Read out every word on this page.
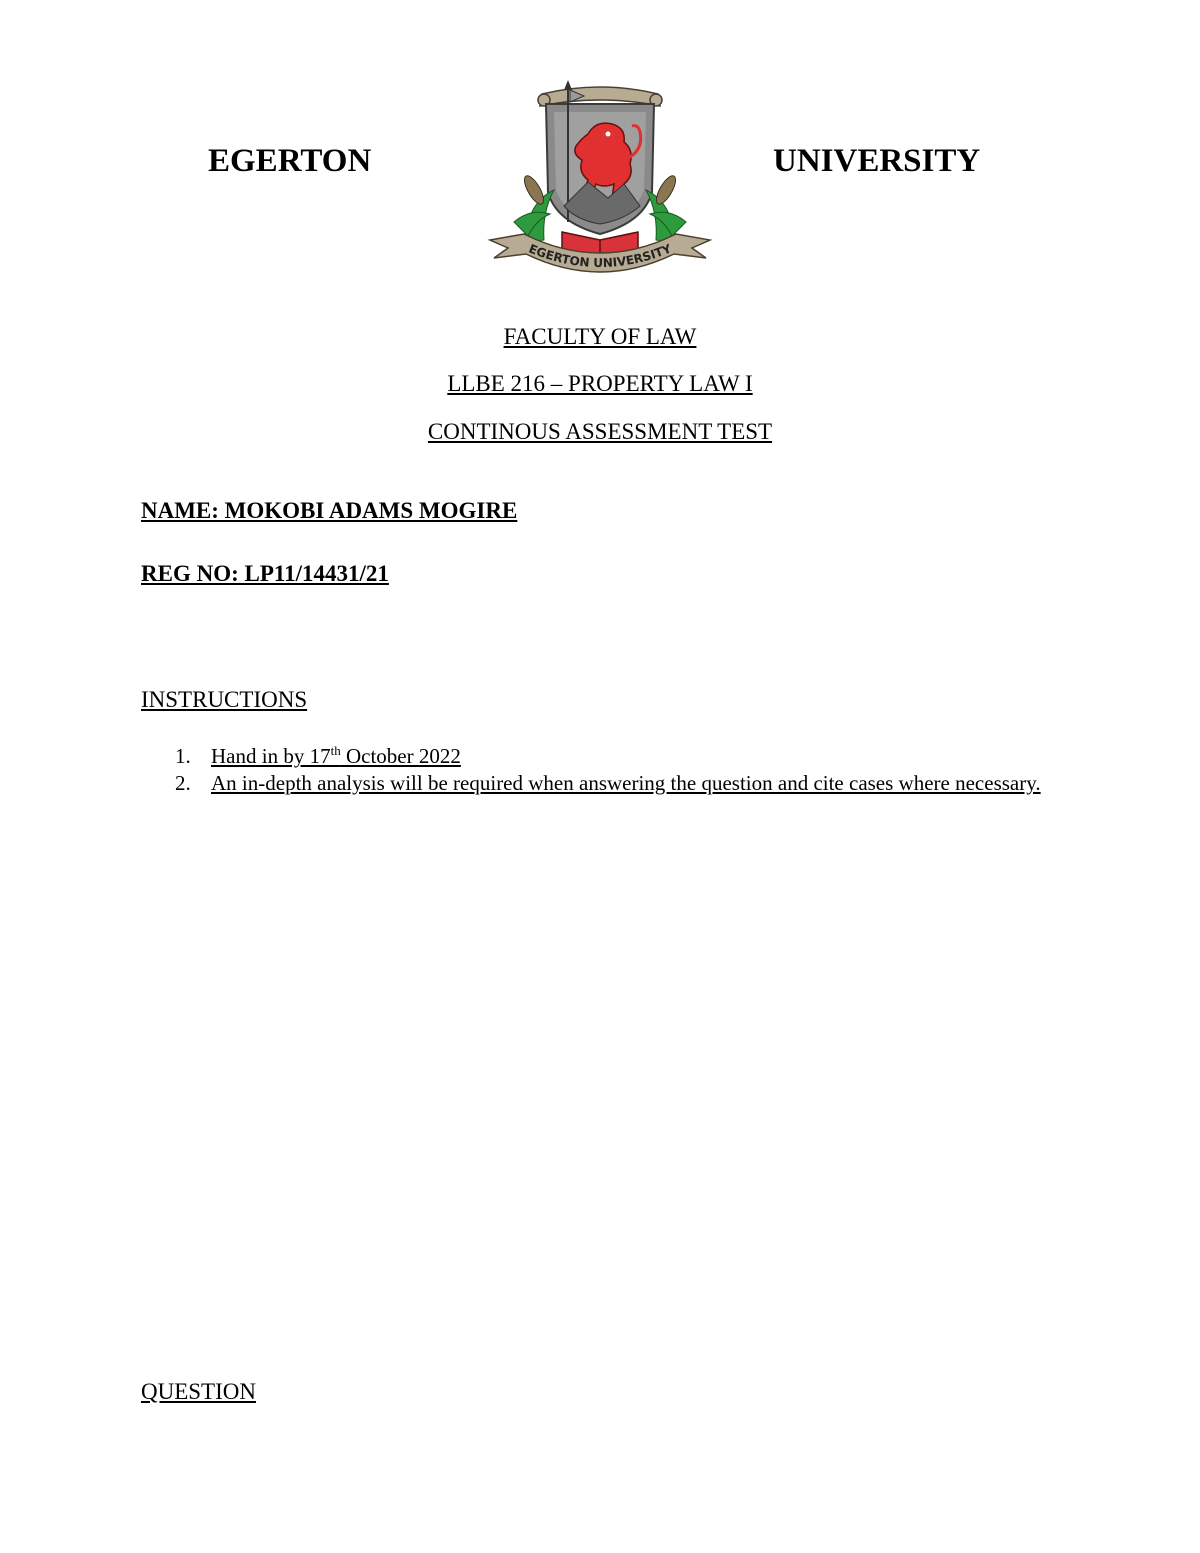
EGERTON
EGERTON UNIVERSITY
UNIVERSITY
FACULTY OF LAW
LLBE 216 – PROPERTY LAW I
CONTINOUS ASSESSMENT TEST
NAME: MOKOBI ADAMS MOGIRE
REG NO: LP11/14431/21
INSTRUCTIONS
1. Hand in by 17th October 2022
2. An in-depth analysis will be required when answering the question and cite cases where necessary.
QUESTION
